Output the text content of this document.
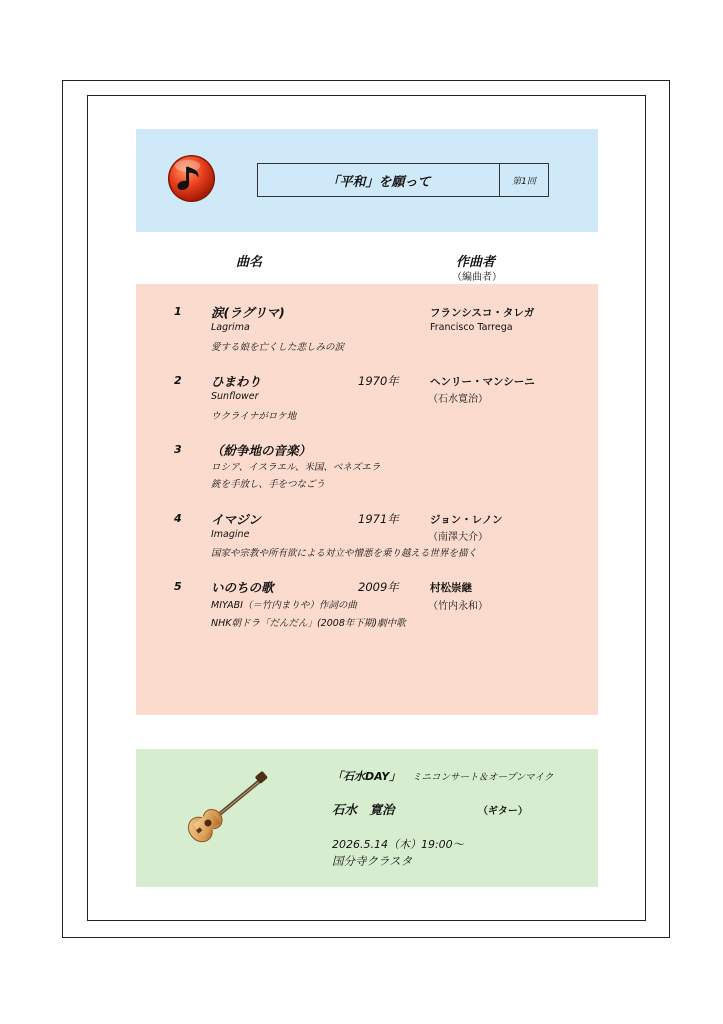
「平和」を願って	第1回
曲名	作曲者
（編曲者）
1 涙(ラグリマ)	フランシスコ・タレガ
Lagrima	Francisco Tarrega
愛する娘を亡くした悲しみの涙
2 ひまわり	1970年	ヘンリー・マンシーニ
Sunflower	（石水寛治）
ウクライナがロケ地
3 （紛争地の音楽）
ロシア、イスラエル、米国、ベネズエラ
銃を手放し、手をつなごう
4 イマジン	1971年	ジョン・レノン
Imagine	（南澤大介）
国家や宗教や所有欲による対立や憎悪を乗り越える世界を描く
5 いのちの歌	2009年	村松崇継
MIYABI（＝竹内まりや）作詞の曲	（竹内永和）
NHK朝ドラ「だんだん」(2008年下期)劇中歌
「石水DAY」 ミニコンサート＆オープンマイク
石水　寛治	（ギター）
2026.5.14（木）19:00～
国分寺クラスタ
